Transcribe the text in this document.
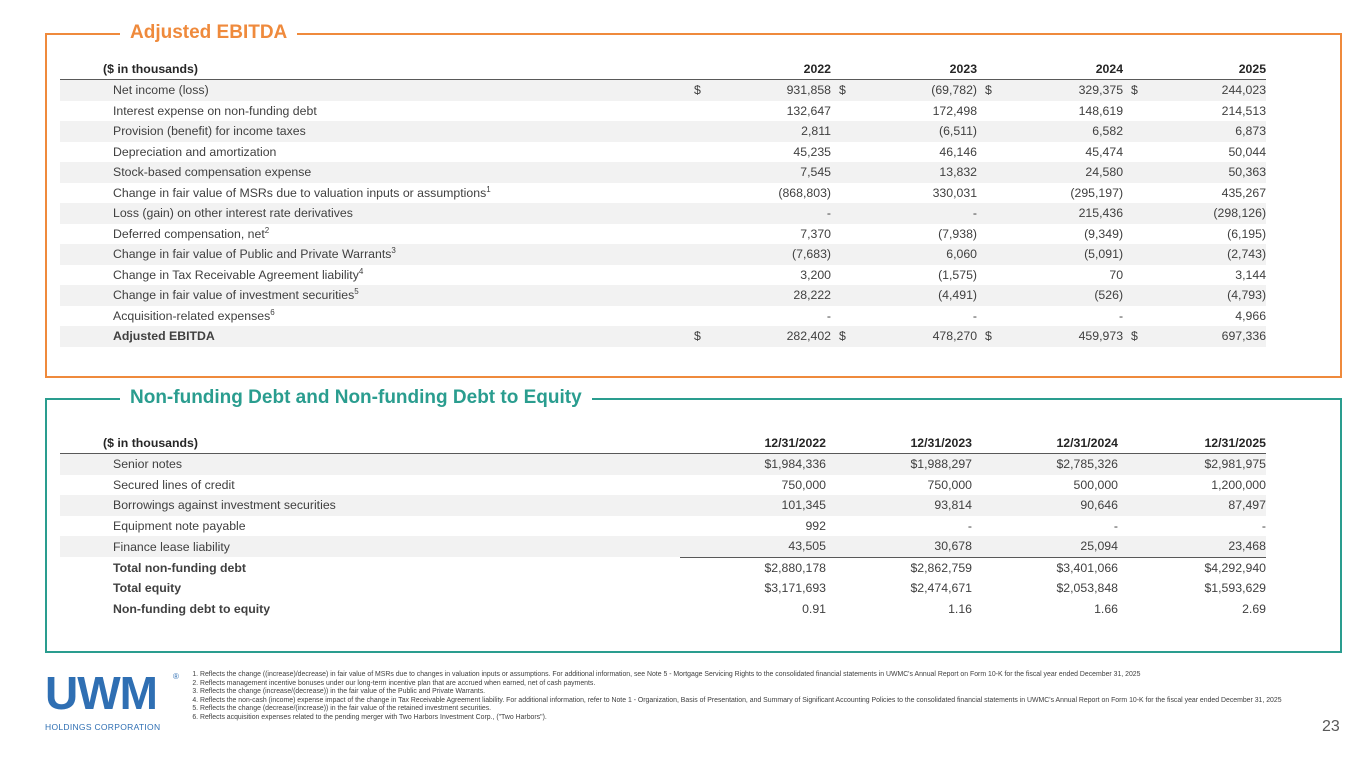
Adjusted EBITDA
($ in thousands)	2022		2023		2024		2025	
Net income (loss)	$	931,858	$	(69,782)	$	329,375	$	244,023
Interest expense on non-funding debt		132,647		172,498		148,619		214,513
Provision (benefit) for income taxes		2,811		(6,511)		6,582		6,873
Depreciation and amortization		45,235		46,146		45,474		50,044
Stock-based compensation expense		7,545		13,832		24,580		50,363
Change in fair value of MSRs due to valuation inputs or assumptions$^1$		(868,803)		330,031		(295,197)		435,267
Loss (gain) on other interest rate derivatives		-		-		215,436		(298,126)
Deferred compensation, net$^2$		7,370		(7,938)		(9,349)		(6,195)
Change in fair value of Public and Private Warrants$^3$		(7,683)		6,060		(5,091)		(2,743)
Change in Tax Receivable Agreement liability$^4$		3,200		(1,575)		70		3,144
Change in fair value of investment securities$^5$		28,222		(4,491)		(526)		(4,793)
Acquisition-related expenses$^6$		-		-		-		4,966
Adjusted EBITDA	$	282,402	$	478,270	$	459,973	$	697,336
Non-funding Debt and Non-funding Debt to Equity
($ in thousands)	12/31/2022	12/31/2023	12/31/2024	12/31/2025
Senior notes	$1,984,336	$1,988,297	$2,785,326	$2,981,975
Secured lines of credit	750,000	750,000	500,000	1,200,000
Borrowings against investment securities	101,345	93,814	90,646	87,497
Equipment note payable	992	-	-	-
Finance lease liability	43,505	30,678	25,094	23,468
Total non-funding debt	$2,880,178	$2,862,759	$3,401,066	$4,292,940
Total equity	$3,171,693	$2,474,671	$2,053,848	$1,593,629
Non-funding debt to equity	0.91	1.16	1.66	2.69
UWM	®
HOLDINGS CORPORATION
1. Reflects the change ((increase)/decrease) in fair value of MSRs due to changes in valuation inputs or assumptions. For additional information, see Note 5 - Mortgage Servicing Rights to the consolidated financial statements in UWMC's Annual Report on Form 10-K for the fiscal year ended December 31, 2025
2. Reflects management incentive bonuses under our long-term incentive plan that are accrued when earned, net of cash payments.
3. Reflects the change (increase/(decrease)) in the fair value of the Public and Private Warrants.
4. Reflects the non-cash (income) expense impact of the change in Tax Receivable Agreement liability. For additional information, refer to Note 1 - Organization, Basis of Presentation, and Summary of Significant Accounting Policies to the consolidated financial statements in UWMC's Annual Report on Form 10-K for the fiscal year ended December 31, 2025
5. Reflects the change (decrease/(increase)) in the fair value of the retained investment securities.
6. Reflects acquisition expenses related to the pending merger with Two Harbors Investment Corp., ("Two Harbors").
23
